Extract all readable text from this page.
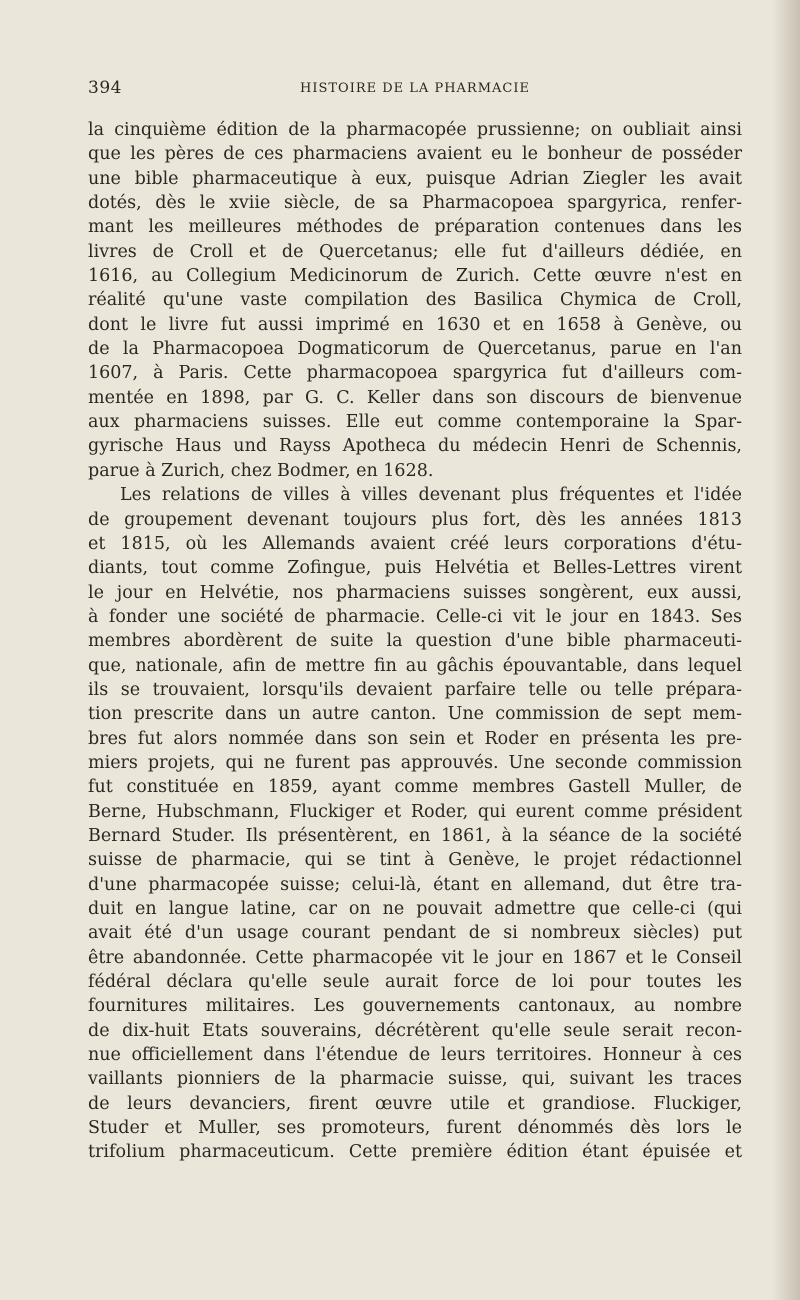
394	HISTOIRE DE LA PHARMACIE
la cinquième édition de la pharmacopée prussienne; on oubliait ainsi
que les pères de ces pharmaciens avaient eu le bonheur de posséder
une bible pharmaceutique à eux, puisque Adrian Ziegler les avait
dotés, dès le xviie siècle, de sa Pharmacopoea spargyrica, renfer-
mant les meilleures méthodes de préparation contenues dans les
livres de Croll et de Quercetanus; elle fut d'ailleurs dédiée, en
1616, au Collegium Medicinorum de Zurich. Cette œuvre n'est en
réalité qu'une vaste compilation des Basilica Chymica de Croll,
dont le livre fut aussi imprimé en 1630 et en 1658 à Genève, ou
de la Pharmacopoea Dogmaticorum de Quercetanus, parue en l'an
1607, à Paris. Cette pharmacopoea spargyrica fut d'ailleurs com-
mentée en 1898, par G. C. Keller dans son discours de bienvenue
aux pharmaciens suisses. Elle eut comme contemporaine la Spar-
gyrische Haus und Rayss Apotheca du médecin Henri de Schennis,
parue à Zurich, chez Bodmer, en 1628.
Les relations de villes à villes devenant plus fréquentes et l'idée
de groupement devenant toujours plus fort, dès les années 1813
et 1815, où les Allemands avaient créé leurs corporations d'étu-
diants, tout comme Zofingue, puis Helvétia et Belles-Lettres virent
le jour en Helvétie, nos pharmaciens suisses songèrent, eux aussi,
à fonder une société de pharmacie. Celle-ci vit le jour en 1843. Ses
membres abordèrent de suite la question d'une bible pharmaceuti-
que, nationale, afin de mettre fin au gâchis épouvantable, dans lequel
ils se trouvaient, lorsqu'ils devaient parfaire telle ou telle prépara-
tion prescrite dans un autre canton. Une commission de sept mem-
bres fut alors nommée dans son sein et Roder en présenta les pre-
miers projets, qui ne furent pas approuvés. Une seconde commission
fut constituée en 1859, ayant comme membres Gastell Muller, de
Berne, Hubschmann, Fluckiger et Roder, qui eurent comme président
Bernard Studer. Ils présentèrent, en 1861, à la séance de la société
suisse de pharmacie, qui se tint à Genève, le projet rédactionnel
d'une pharmacopée suisse; celui-là, étant en allemand, dut être tra-
duit en langue latine, car on ne pouvait admettre que celle-ci (qui
avait été d'un usage courant pendant de si nombreux siècles) put
être abandonnée. Cette pharmacopée vit le jour en 1867 et le Conseil
fédéral déclara qu'elle seule aurait force de loi pour toutes les
fournitures militaires. Les gouvernements cantonaux, au nombre
de dix-huit Etats souverains, décrétèrent qu'elle seule serait recon-
nue officiellement dans l'étendue de leurs territoires. Honneur à ces
vaillants pionniers de la pharmacie suisse, qui, suivant les traces
de leurs devanciers, firent œuvre utile et grandiose. Fluckiger,
Studer et Muller, ses promoteurs, furent dénommés dès lors le
trifolium pharmaceuticum. Cette première édition étant épuisée et
